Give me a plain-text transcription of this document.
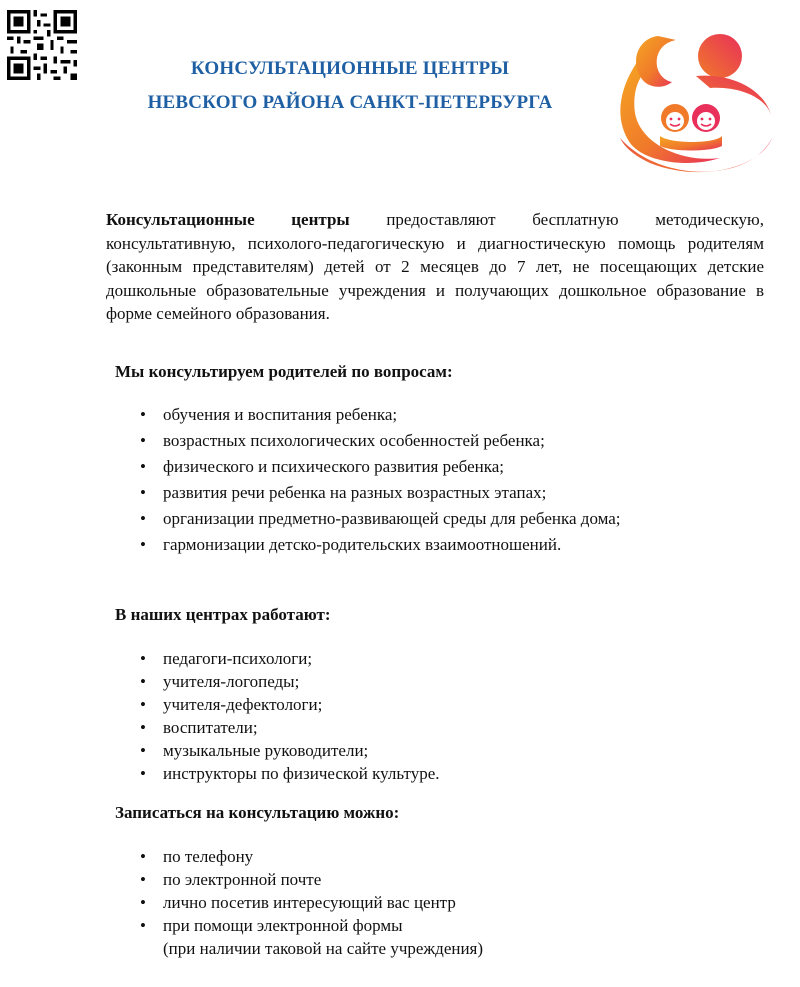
КОНСУЛЬТАЦИОННЫЕ ЦЕНТРЫ
НЕВСКОГО РАЙОНА САНКТ-ПЕТЕРБУРГА
Консультационные центры предоставляют бесплатную методическую, консультативную, психолого-педагогическую и диагностическую помощь родителям (законным представителям) детей от 2 месяцев до 7 лет, не посещающих детские дошкольные образовательные учреждения и получающих дошкольное образование в форме семейного образования.
Мы консультируем родителей по вопросам:
• обучения и воспитания ребенка;
• возрастных психологических особенностей ребенка;
• физического и психического развития ребенка;
• развития речи ребенка на разных возрастных этапах;
• организации предметно-развивающей среды для ребенка дома;
• гармонизации детско-родительских взаимоотношений.
В наших центрах работают:
• педагоги-психологи;
• учителя-логопеды;
• учителя-дефектологи;
• воспитатели;
• музыкальные руководители;
• инструкторы по физической культуре.
Записаться на консультацию можно:
• по телефону
• по электронной почте
• лично посетив интересующий вас центр
• при помощи электронной формы
(при наличии таковой на сайте учреждения)
